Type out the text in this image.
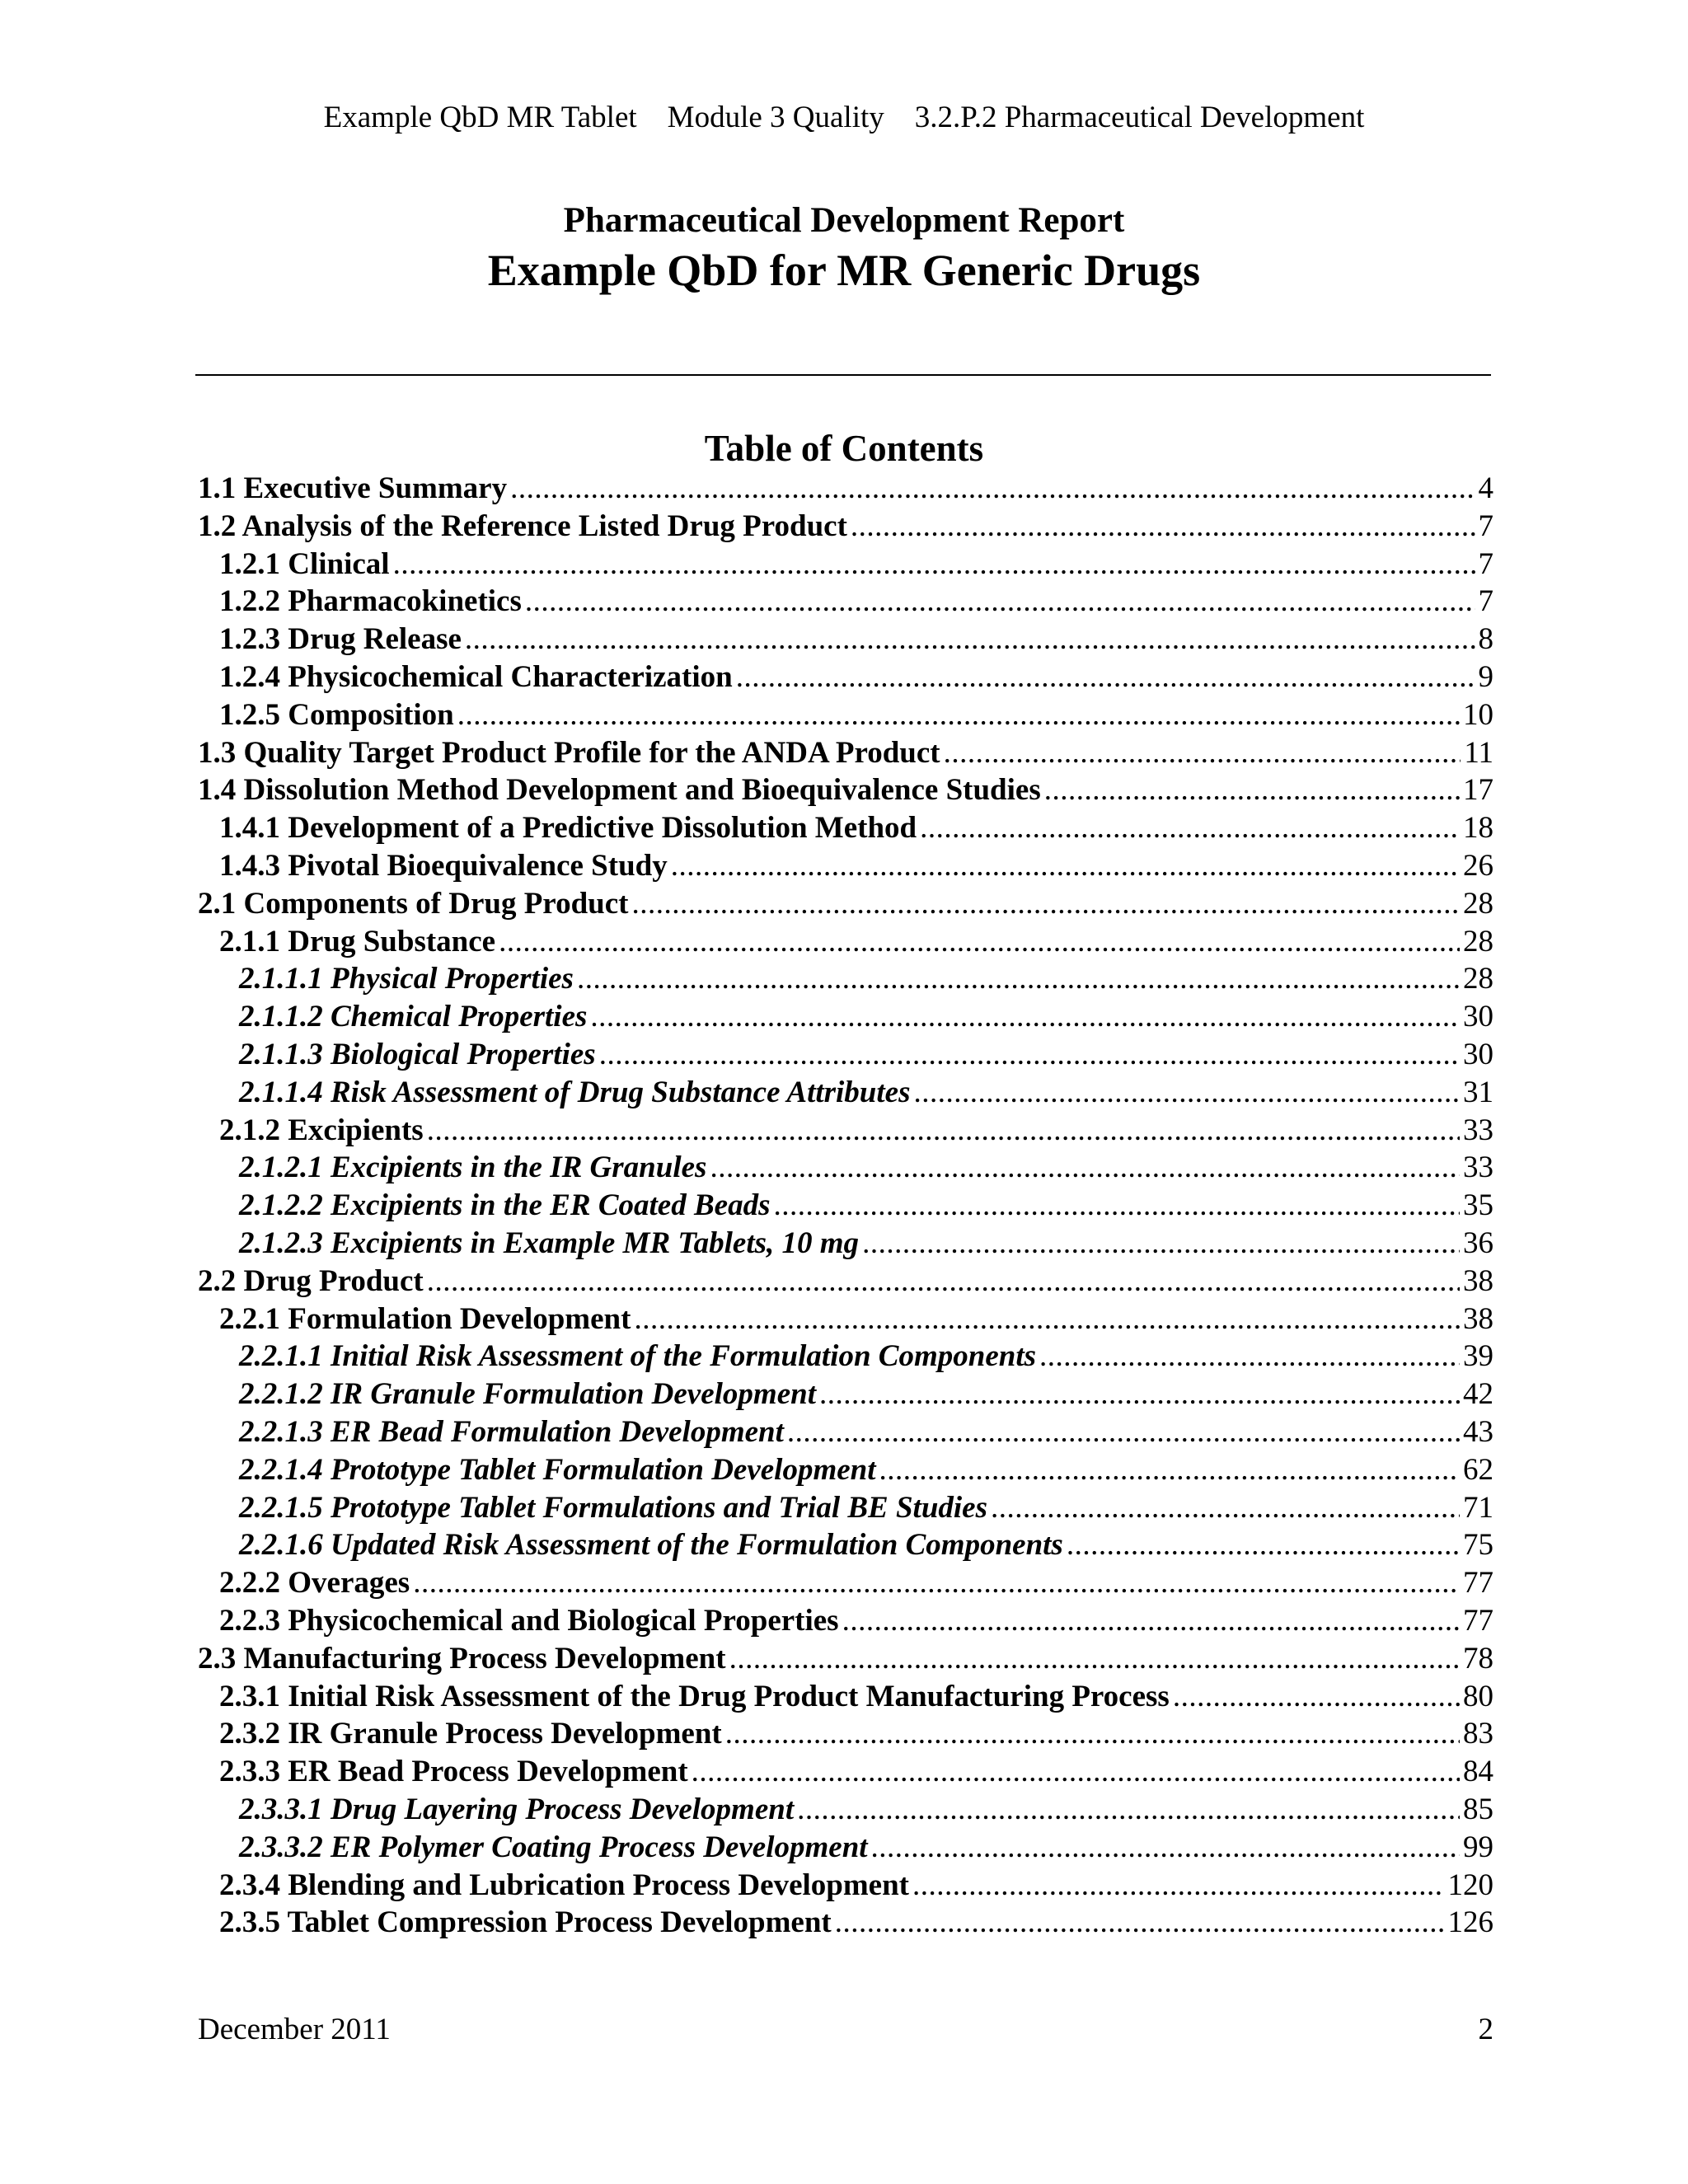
Example QbD MR Tablet    Module 3 Quality    3.2.P.2 Pharmaceutical Development
Pharmaceutical Development Report
Example QbD for MR Generic Drugs
Table of Contents
1.1 Executive Summary .....	4
1.2 Analysis of the Reference Listed Drug Product .....	7
1.2.1 Clinical .....	7
1.2.2 Pharmacokinetics .....	7
1.2.3 Drug Release .....	8
1.2.4 Physicochemical Characterization .....	9
1.2.5 Composition .....	10
1.3 Quality Target Product Profile for the ANDA Product .....	11
1.4 Dissolution Method Development and Bioequivalence Studies .....	17
1.4.1 Development of a Predictive Dissolution Method .....	18
1.4.3 Pivotal Bioequivalence Study .....	26
2.1 Components of Drug Product .....	28
2.1.1 Drug Substance .....	28
2.1.1.1 Physical Properties .....	28
2.1.1.2 Chemical Properties .....	30
2.1.1.3 Biological Properties .....	30
2.1.1.4 Risk Assessment of Drug Substance Attributes .....	31
2.1.2 Excipients .....	33
2.1.2.1 Excipients in the IR Granules .....	33
2.1.2.2 Excipients in the ER Coated Beads .....	35
2.1.2.3 Excipients in Example MR Tablets, 10 mg .....	36
2.2 Drug Product .....	38
2.2.1 Formulation Development .....	38
2.2.1.1 Initial Risk Assessment of the Formulation Components .....	39
2.2.1.2 IR Granule Formulation Development .....	42
2.2.1.3 ER Bead Formulation Development .....	43
2.2.1.4 Prototype Tablet Formulation Development .....	62
2.2.1.5 Prototype Tablet Formulations and Trial BE Studies .....	71
2.2.1.6 Updated Risk Assessment of the Formulation Components .....	75
2.2.2 Overages .....	77
2.2.3 Physicochemical and Biological Properties .....	77
2.3 Manufacturing Process Development .....	78
2.3.1 Initial Risk Assessment of the Drug Product Manufacturing Process .....	80
2.3.2 IR Granule Process Development .....	83
2.3.3 ER Bead Process Development .....	84
2.3.3.1 Drug Layering Process Development .....	85
2.3.3.2 ER Polymer Coating Process Development .....	99
2.3.4 Blending and Lubrication Process Development .....	120
2.3.5 Tablet Compression Process Development .....	126
December 2011	2
